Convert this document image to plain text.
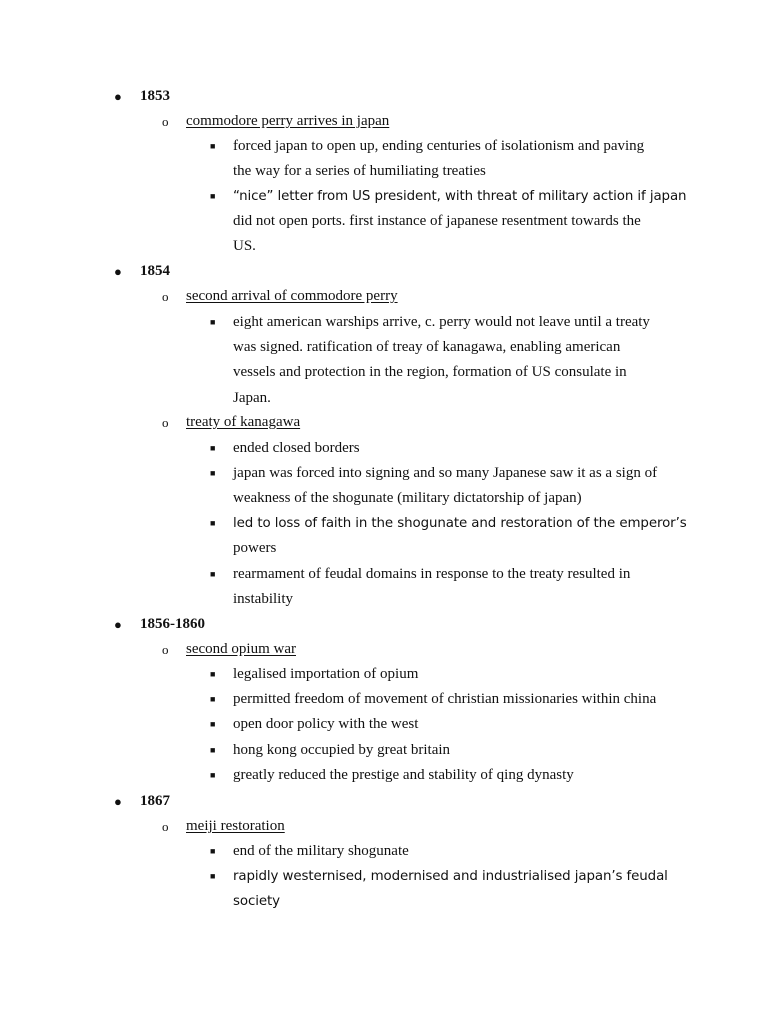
● 1853
o commodore perry arrives in japan
■ forced japan to open up, ending centuries of isolationism and paving
the way for a series of humiliating treaties
■ “nice” letter from US president, with threat of military action if japan
did not open ports. first instance of japanese resentment towards the
US.
● 1854
o second arrival of commodore perry
■ eight american warships arrive, c. perry would not leave until a treaty
was signed. ratification of treay of kanagawa, enabling american
vessels and protection in the region, formation of US consulate in
Japan.
o treaty of kanagawa
■ ended closed borders
■ japan was forced into signing and so many Japanese saw it as a sign of
weakness of the shogunate (military dictatorship of japan)
■ led to loss of faith in the shogunate and restoration of the emperor’s
powers
■ rearmament of feudal domains in response to the treaty resulted in
instability
● 1856-1860
o second opium war
■ legalised importation of opium
■ permitted freedom of movement of christian missionaries within china
■ open door policy with the west
■ hong kong occupied by great britain
■ greatly reduced the prestige and stability of qing dynasty
● 1867
o meiji restoration
■ end of the military shogunate
■ rapidly westernised, modernised and industrialised japan’s feudal
society
